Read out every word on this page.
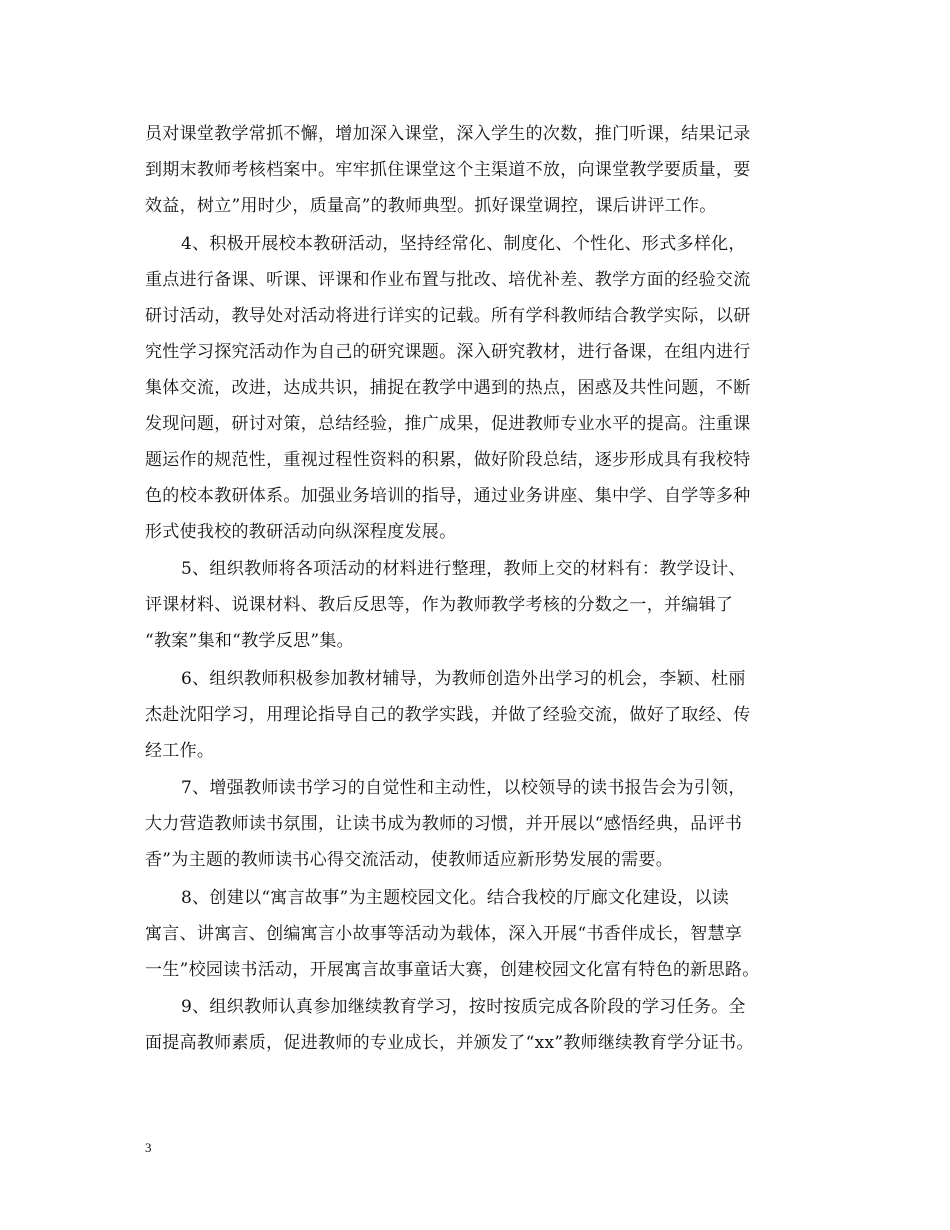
员对课堂教学常抓不懈，增加深入课堂，深入学生的次数，推门听课，结果记录
到期末教师考核档案中。牢牢抓住课堂这个主渠道不放，向课堂教学要质量，要
效益，树立”用时少，质量高”的教师典型。抓好课堂调控，课后讲评工作。
4、积极开展校本教研活动，坚持经常化、制度化、个性化、形式多样化，
重点进行备课、听课、评课和作业布置与批改、培优补差、教学方面的经验交流
研讨活动，教导处对活动将进行详实的记载。所有学科教师结合教学实际，以研
究性学习探究活动作为自己的研究课题。深入研究教材，进行备课，在组内进行
集体交流，改进，达成共识，捕捉在教学中遇到的热点，困惑及共性问题，不断
发现问题，研讨对策，总结经验，推广成果，促进教师专业水平的提高。注重课
题运作的规范性，重视过程性资料的积累，做好阶段总结，逐步形成具有我校特
色的校本教研体系。加强业务培训的指导，通过业务讲座、集中学、自学等多种
形式使我校的教研活动向纵深程度发展。
5、组织教师将各项活动的材料进行整理，教师上交的材料有：教学设计、
评课材料、说课材料、教后反思等，作为教师教学考核的分数之一，并编辑了
“教案”集和“教学反思”集。
6、组织教师积极参加教材辅导，为教师创造外出学习的机会，李颖、杜丽
杰赴沈阳学习，用理论指导自己的教学实践，并做了经验交流，做好了取经、传
经工作。
7、增强教师读书学习的自觉性和主动性，以校领导的读书报告会为引领，
大力营造教师读书氛围，让读书成为教师的习惯，并开展以“感悟经典，品评书
香”为主题的教师读书心得交流活动，使教师适应新形势发展的需要。
8、创建以“寓言故事”为主题校园文化。结合我校的厅廊文化建设，以读
寓言、讲寓言、创编寓言小故事等活动为载体，深入开展“书香伴成长，智慧享
一生”校园读书活动，开展寓言故事童话大赛，创建校园文化富有特色的新思路。
9、组织教师认真参加继续教育学习，按时按质完成各阶段的学习任务。全
面提高教师素质，促进教师的专业成长，并颁发了“xx”教师继续教育学分证书。
3
